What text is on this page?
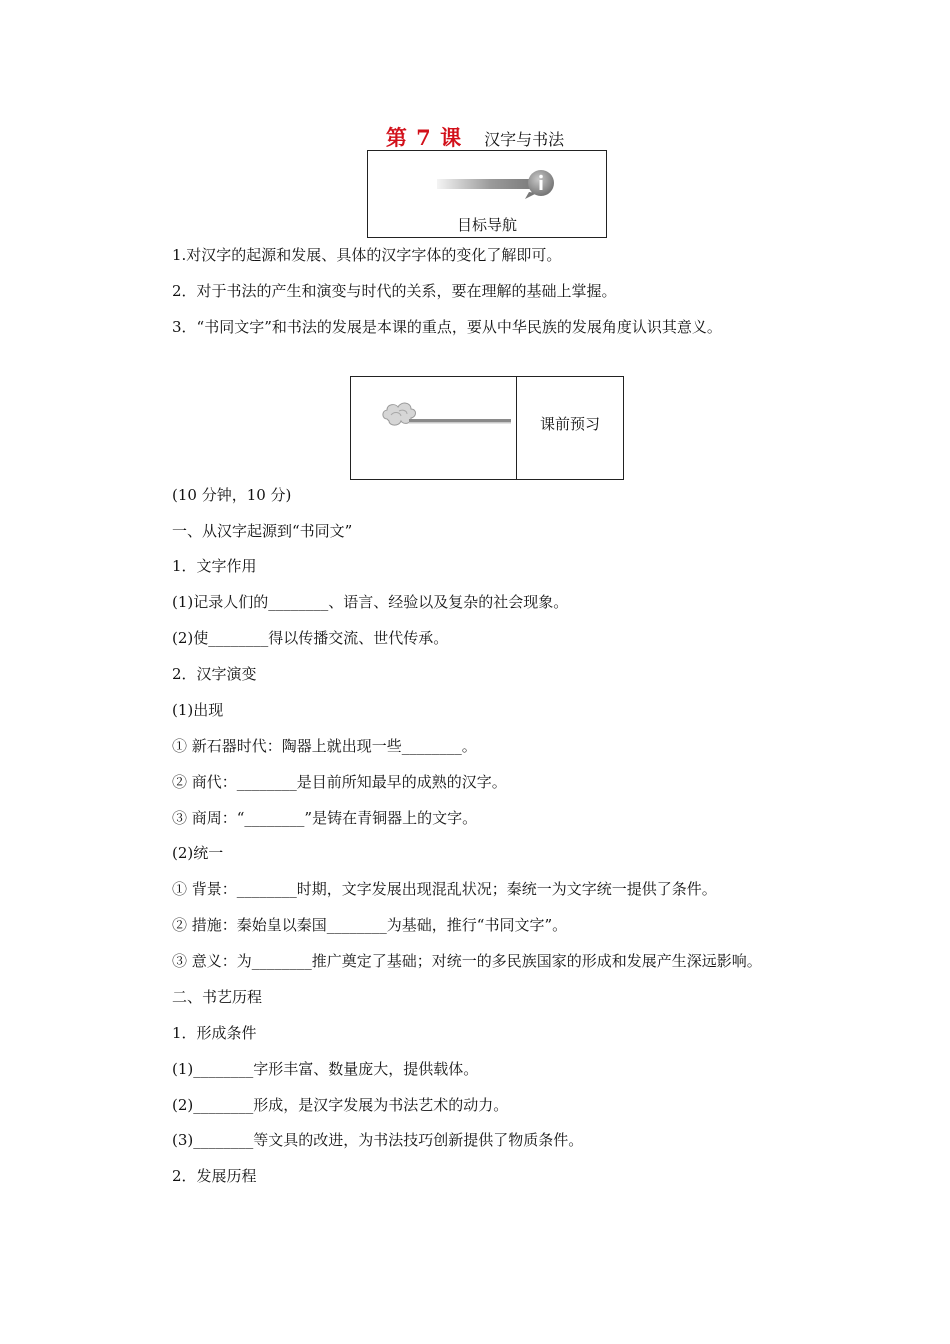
第 7 课 汉字与书法
目标导航
1.对汉字的起源和发展、具体的汉字字体的变化了解即可。
2．对于书法的产生和演变与时代的关系，要在理解的基础上掌握。
3．“书同文字”和书法的发展是本课的重点，要从中华民族的发展角度认识其意义。
课前预习
(10 分钟，10 分)
一、从汉字起源到“书同文”
1．文字作用
(1)记录人们的________、语言、经验以及复杂的社会现象。
(2)使________得以传播交流、世代传承。
2．汉字演变
(1)出现
① 新石器时代：陶器上就出现一些________。
② 商代：________是目前所知最早的成熟的汉字。
③ 商周：“________”是铸在青铜器上的文字。
(2)统一
① 背景：________时期，文字发展出现混乱状况；秦统一为文字统一提供了条件。
② 措施：秦始皇以秦国________为基础，推行“书同文字”。
③ 意义：为________推广奠定了基础；对统一的多民族国家的形成和发展产生深远影响。
二、书艺历程
1．形成条件
(1)________字形丰富、数量庞大，提供载体。
(2)________形成，是汉字发展为书法艺术的动力。
(3)________等文具的改进，为书法技巧创新提供了物质条件。
2．发展历程
